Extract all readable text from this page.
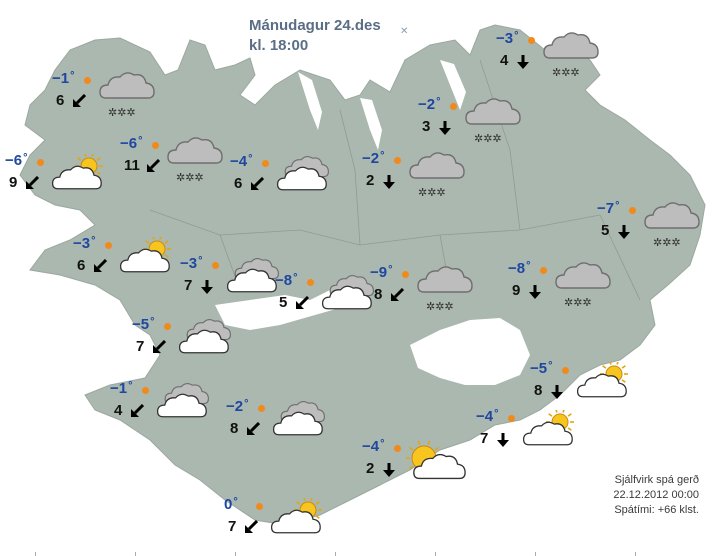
Mánudagur 24.des
kl. 18:00
✕
−1°
6
✲✲✲
−3°
4
✲✲✲
−2°
3
✲✲✲
−6°
9
−6°
11
✲✲✲
−4°
6
−2°
2
✲✲✲
−7°
5
✲✲✲
−3°
6	−3°
7	−8°
5
−9°
8
✲✲✲
−8°
9
✲✲✲
−5°
7
−1°
4	−2°
8
−5°
8
−4°
7
−4°
2
0°
7
Sjálfvirk spá gerð
22.12.2012 00:00
Spátími: +66 klst.
